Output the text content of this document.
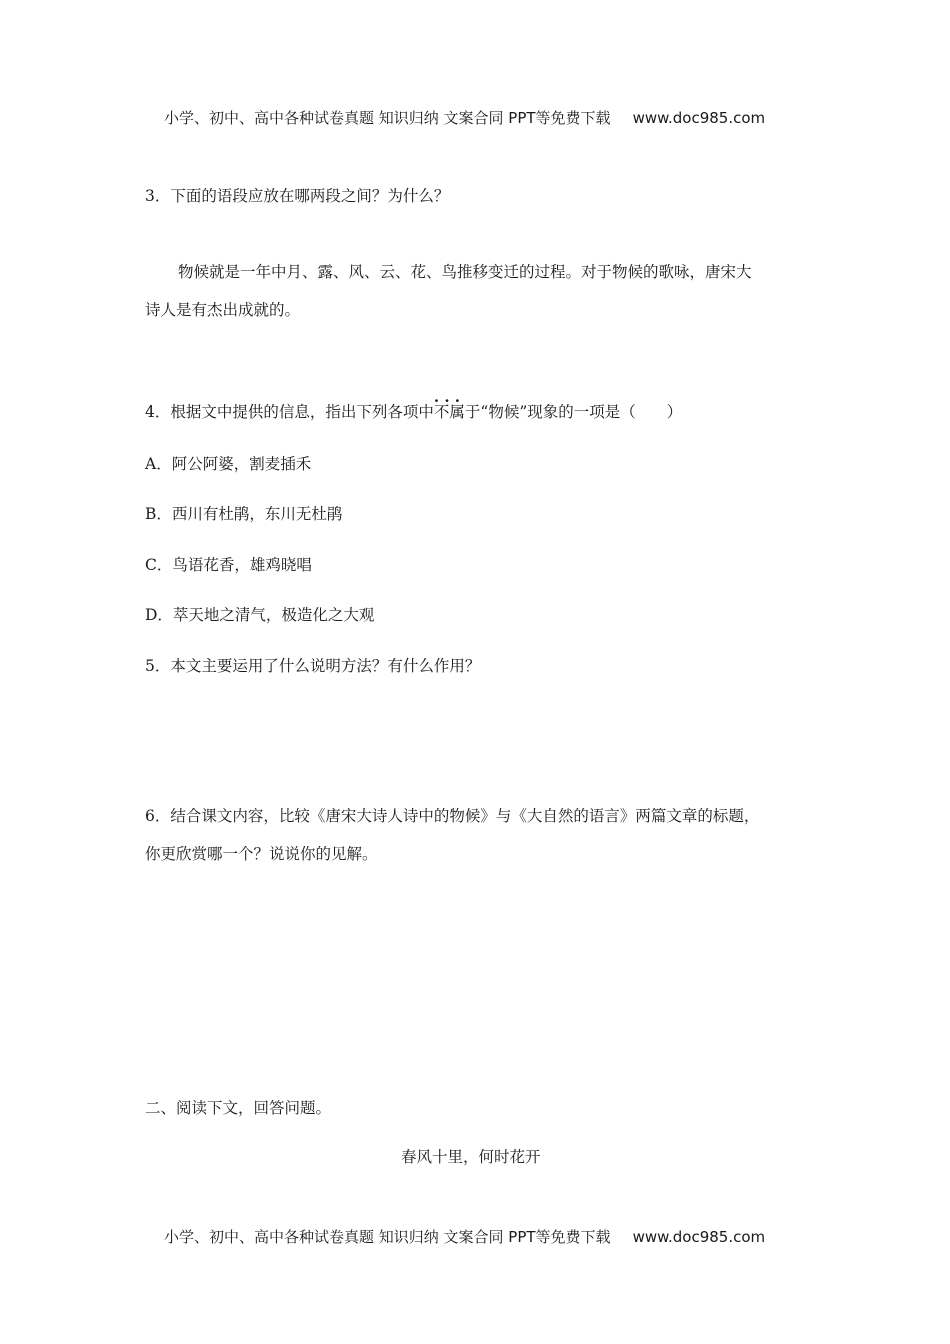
小学、初中、高中各种试卷真题 知识归纳 文案合同 PPT等免费下载 www.doc985.com
3．下面的语段应放在哪两段之间？为什么？
物候就是一年中月、露、风、云、花、鸟推移变迁的过程。对于物候的歌咏，唐宋大
诗人是有杰出成就的。
4．根据文中提供的信息，指出下列各项中· · · 不属于“物候”现象的一项是（　　）
A．阿公阿婆，割麦插禾
B．西川有杜鹃，东川无杜鹃
C．鸟语花香，雄鸡晓唱
D．萃天地之清气，极造化之大观
5．本文主要运用了什么说明方法？有什么作用？
6．结合课文内容，比较《唐宋大诗人诗中的物候》与《大自然的语言》两篇文章的标题，
你更欣赏哪一个？说说你的见解。
二、阅读下文，回答问题。
春风十里，何时花开
小学、初中、高中各种试卷真题 知识归纳 文案合同 PPT等免费下载 www.doc985.com
